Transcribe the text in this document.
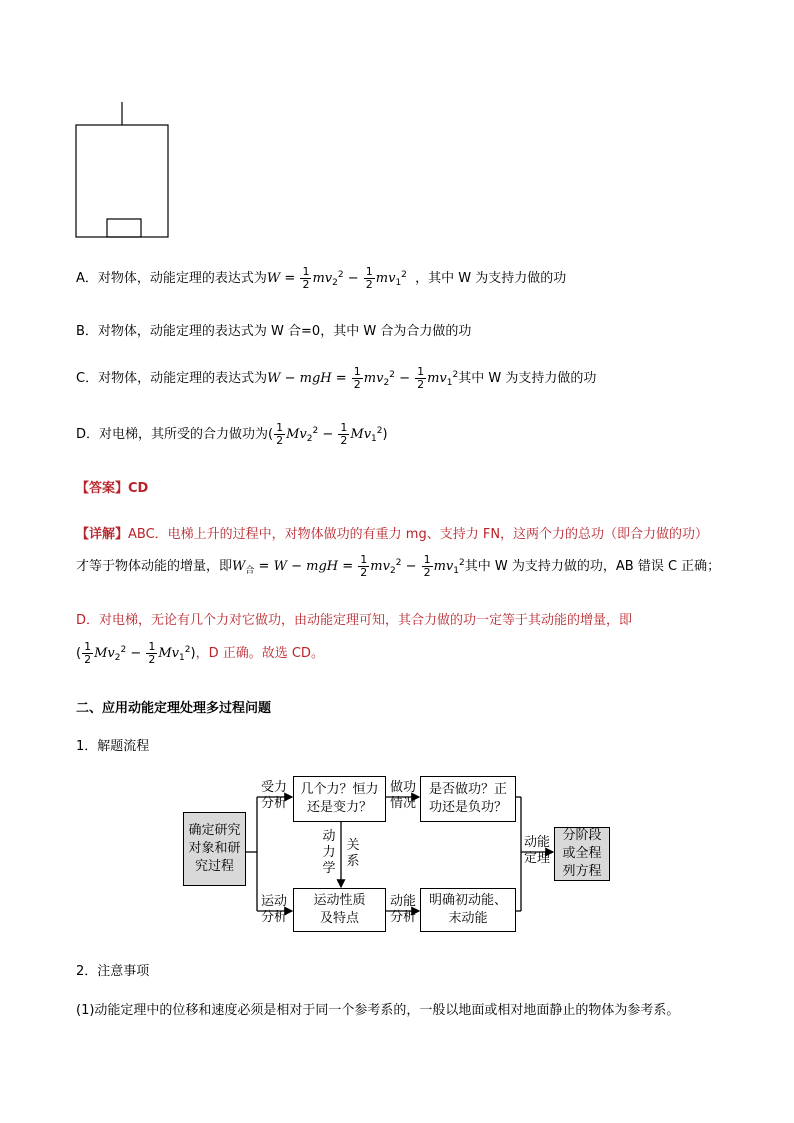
A．对物体，动能定理的表达式为$W = \frac{1}{2} mv_2^2 - \frac{1}{2} mv_1^2$ ，其中 W 为支持力做的功
B．对物体，动能定理的表达式为 W 合=0，其中 W 合为合力做的功
C．对物体，动能定理的表达式为W − mgH = $\frac{1}{2} mv_2^2 - \frac{1}{2} mv_1^2$其中 W 为支持力做的功
D．对电梯，其所受的合力做功为( $\frac{1}{2} Mv_2^2 - \frac{1}{2} Mv_1^2$)
【答案】CD
【详解】ABC．电梯上升的过程中，对物体做功的有重力 mg、支持力 FN，这两个力的总功（即合力做的功）
才等于物体动能的增量，即$W_合 = W$ − mgH = $\frac{1}{2} mv_2^2 - \frac{1}{2} mv_1^2$其中 W 为支持力做的功，AB 错误 C 正确；
D．对电梯，无论有几个力对它做功，由动能定理可知，其合力做的功一定等于其动能的增量，即
( $\frac{1}{2} Mv_2^2 - \frac{1}{2} Mv_1^2$)，D 正确。故选 CD。
二、应用动能定理处理多过程问题
1．解题流程
确定研究对象和研究过程
受力分析
几个力？恒力还是变力？
做功情况
是否做功？正功还是负功？
动力学
关系
运动分析
运动性质及特点
动能分析
明确初动能、末动能
动能定理
分阶段或全程列方程
2．注意事项
(1)动能定理中的位移和速度必须是相对于同一个参考系的，一般以地面或相对地面静止的物体为参考系。
